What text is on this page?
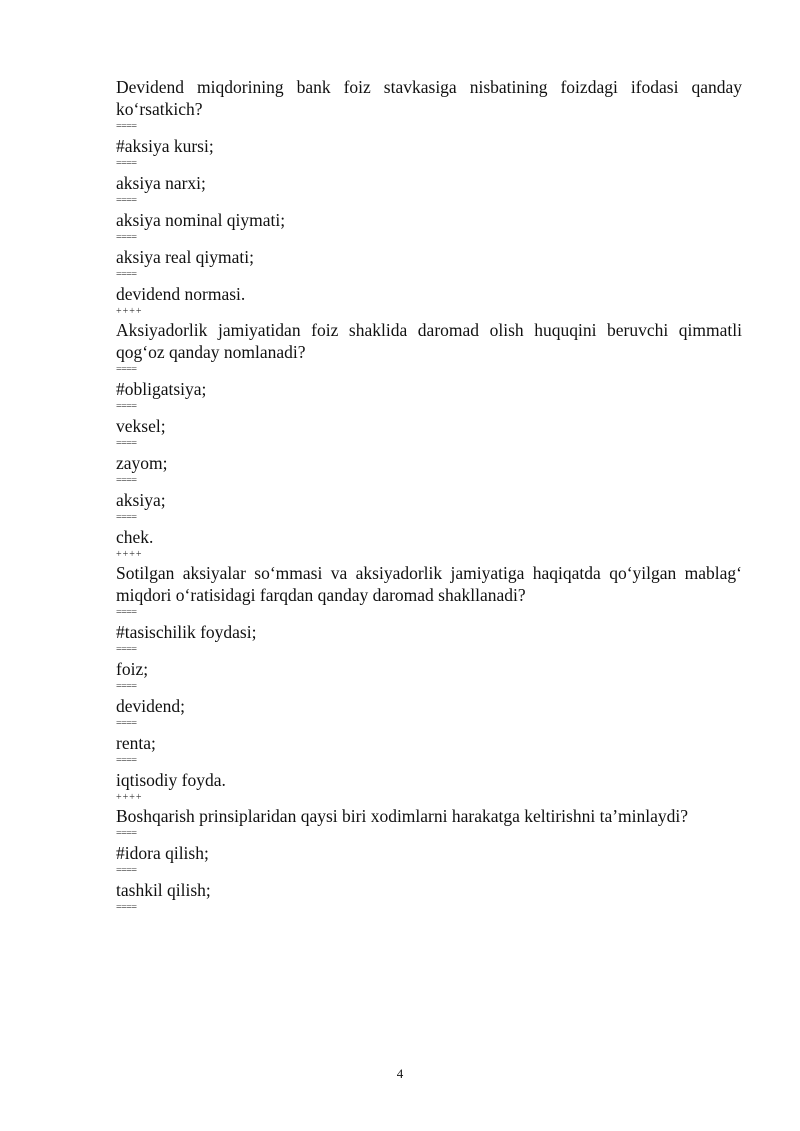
Devidend miqdorining bank foiz stavkasiga nisbatining foizdagi ifodasi qanday ko‘rsatkich?
====
#aksiya kursi;
====
aksiya narxi;
====
aksiya nominal qiymati;
====
aksiya real qiymati;
====
devidend normasi.
++++
Aksiyadorlik jamiyatidan foiz shaklida daromad olish huquqini beruvchi qimmatli qog‘oz qanday nomlanadi?
====
#obligatsiya;
====
veksel;
====
zayom;
====
aksiya;
====
chek.
++++
Sotilgan aksiyalar so‘mmasi va aksiyadorlik jamiyatiga haqiqatda qo‘yilgan mablag‘ miqdori o‘ratisidagi farqdan qanday daromad shakllanadi?
====
#tasischilik foydasi;
====
foiz;
====
devidend;
====
renta;
====
iqtisodiy foyda.
++++
Boshqarish prinsiplaridan qaysi biri xodimlarni harakatga keltirishni ta’minlaydi?
====
#idora qilish;
====
tashkil qilish;
====
4
